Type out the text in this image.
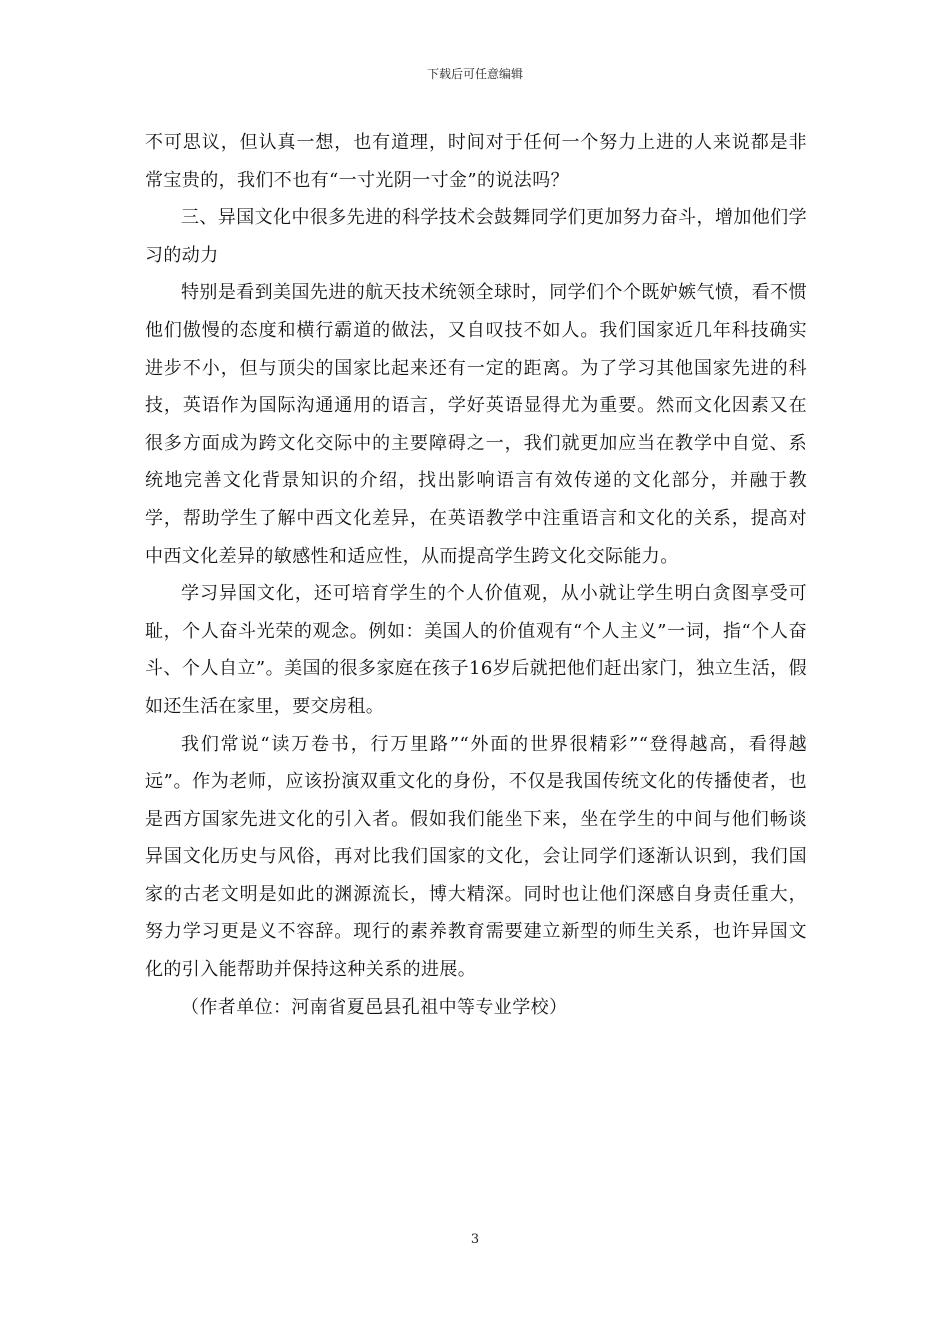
下载后可任意编辑

不可思议，但认真一想，也有道理，时间对于任何一个努力上进的人来说都是非常宝贵的，我们不也有“一寸光阴一寸金”的说法吗？

三、异国文化中很多先进的科学技术会鼓舞同学们更加努力奋斗，增加他们学习的动力

特别是看到美国先进的航天技术统领全球时，同学们个个既妒嫉气愤，看不惯他们傲慢的态度和横行霸道的做法，又自叹技不如人。我们国家近几年科技确实进步不小，但与顶尖的国家比起来还有一定的距离。为了学习其他国家先进的科技，英语作为国际沟通通用的语言，学好英语显得尤为重要。然而文化因素又在很多方面成为跨文化交际中的主要障碍之一，我们就更加应当在教学中自觉、系统地完善文化背景知识的介绍，找出影响语言有效传递的文化部分，并融于教学，帮助学生了解中西文化差异，在英语教学中注重语言和文化的关系，提高对中西文化差异的敏感性和适应性，从而提高学生跨文化交际能力。

学习异国文化，还可培育学生的个人价值观，从小就让学生明白贪图享受可耻，个人奋斗光荣的观念。例如：美国人的价值观有“个人主义”一词，指“个人奋斗、个人自立”。美国的很多家庭在孩子16岁后就把他们赶出家门，独立生活，假如还生活在家里，要交房租。

我们常说“读万卷书，行万里路”“外面的世界很精彩”“登得越高，看得越远”。作为老师，应该扮演双重文化的身份，不仅是我国传统文化的传播使者，也是西方国家先进文化的引入者。假如我们能坐下来，坐在学生的中间与他们畅谈异国文化历史与风俗，再对比我们国家的文化，会让同学们逐渐认识到，我们国家的古老文明是如此的渊源流长，博大精深。同时也让他们深感自身责任重大，努力学习更是义不容辞。现行的素养教育需要建立新型的师生关系，也许异国文化的引入能帮助并保持这种关系的进展。

（作者单位：河南省夏邑县孔祖中等专业学校）

3
